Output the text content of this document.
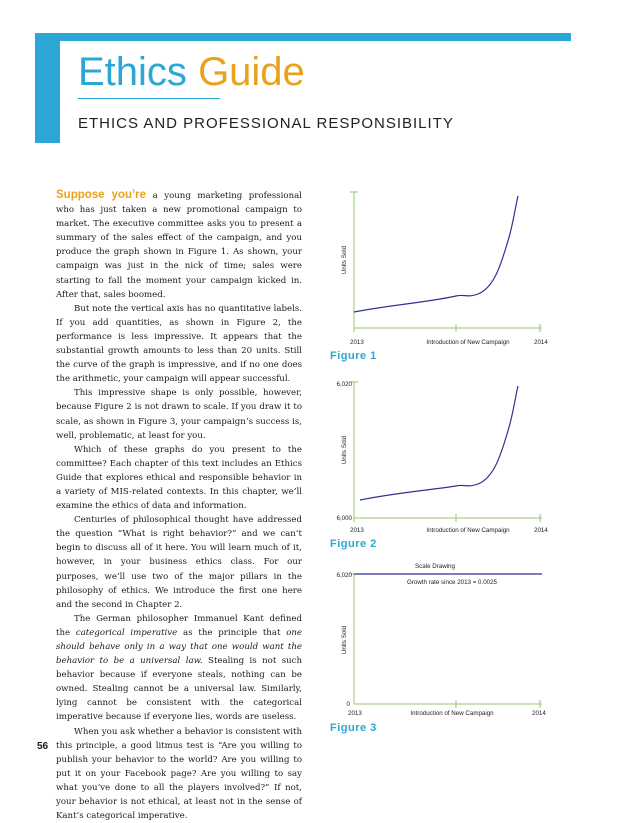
Ethics Guide
ETHICS AND PROFESSIONAL RESPONSIBILITY

Suppose you’re a young marketing professional who has just taken a new promotional campaign to market. The executive committee asks you to present a summary of the sales effect of the campaign, and you produce the graph shown in Figure 1. As shown, your campaign was just in the nick of time; sales were starting to fall the moment your campaign kicked in. After that, sales boomed.

But note the vertical axis has no quantitative labels. If you add quantities, as shown in Figure 2, the performance is less impressive. It appears that the substantial growth amounts to less than 20 units. Still the curve of the graph is impressive, and if no one does the arithmetic, your campaign will appear successful.

This impressive shape is only possible, however, because Figure 2 is not drawn to scale. If you draw it to scale, as shown in Figure 3, your campaign’s success is, well, problematic, at least for you.

Which of these graphs do you present to the committee? Each chapter of this text includes an Ethics Guide that explores ethical and responsible behavior in a variety of MIS-related contexts. In this chapter, we’ll examine the ethics of data and information.

Centuries of philosophical thought have addressed the question “What is right behavior?” and we can’t begin to discuss all of it here. You will learn much of it, however, in your business ethics class. For our purposes, we’ll use two of the major pillars in the philosophy of ethics. We introduce the first one here and the second in Chapter 2.

The German philosopher Immanuel Kant defined the categorical imperative as the principle that one should behave only in a way that one would want the behavior to be a universal law. Stealing is not such behavior because if everyone steals, nothing can be owned. Stealing cannot be a universal law. Similarly, lying cannot be consistent with the categorical imperative because if everyone lies, words are useless.

When you ask whether a behavior is consistent with this principle, a good litmus test is “Are you willing to publish your behavior to the world? Are you willing to put it on your Facebook page? Are you willing to say what you’ve done to all the players involved?” If not, your behavior is not ethical, at least not in the sense of Kant’s categorical imperative.

56
Units Sold
2013	Introduction of New Campaign	2014
Figure 1
6,020
6,000
Units Sold
2013	Introduction of New Campaign	2014
Figure 2
Scale Drawing
Growth rate since 2013 = 0.0025
6,020
0
Units Sold
2013	Introduction of New Campaign	2014
Figure 3
